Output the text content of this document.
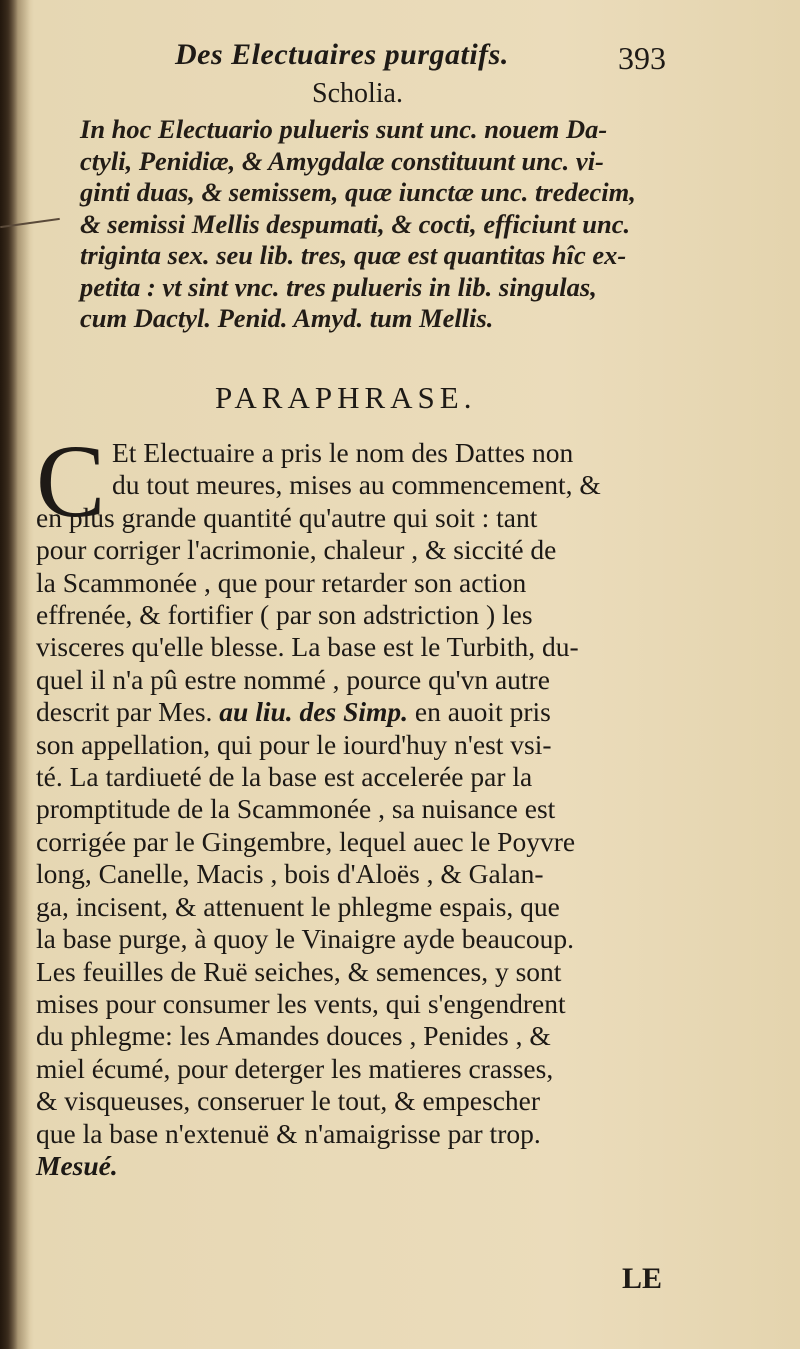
Des Electuaires purgatifs.	393
Scholia.
In hoc Electuario pulueris sunt unc. nouem Da-
ctyli, Penidiæ, & Amygdalæ constituunt unc. vi-
ginti duas, & semissem, quæ iunctæ unc. tredecim,
& semissi Mellis despumati, & cocti, efficiunt unc.
triginta sex. seu lib. tres, quæ est quantitas hîc ex-
petita : vt sint vnc. tres pulueris in lib. singulas,
cum Dactyl. Penid. Amyd. tum Mellis.
PARAPHRASE.
C Et Electuaire a pris le nom des Dattes non
du tout meures, mises au commencement, &
en plus grande quantité qu'autre qui soit : tant
pour corriger l'acrimonie, chaleur , & siccité de
la Scammonée , que pour retarder son action
effrenée, & fortifier ( par son adstriction ) les
visceres qu'elle blesse. La base est le Turbith, du-
quel il n'a pû estre nommé , pource qu'vn autre
descrit par Mes. au liu. des Simp. en auoit pris
son appellation, qui pour le iourd'huy n'est vsi-
té. La tardiueté de la base est accelerée par la
promptitude de la Scammonée , sa nuisance est
corrigée par le Gingembre, lequel auec le Poyvre
long, Canelle, Macis , bois d'Aloës , & Galan-
ga, incisent, & attenuent le phlegme espais, que
la base purge, à quoy le Vinaigre ayde beaucoup.
Les feuilles de Ruë seiches, & semences, y sont
mises pour consumer les vents, qui s'engendrent
du phlegme: les Amandes douces , Penides , &
miel écumé, pour deterger les matieres crasses,
& visqueuses, conseruer le tout, & empescher
que la base n'extenuë & n'amaigrisse par trop.
Mesué.
LE
